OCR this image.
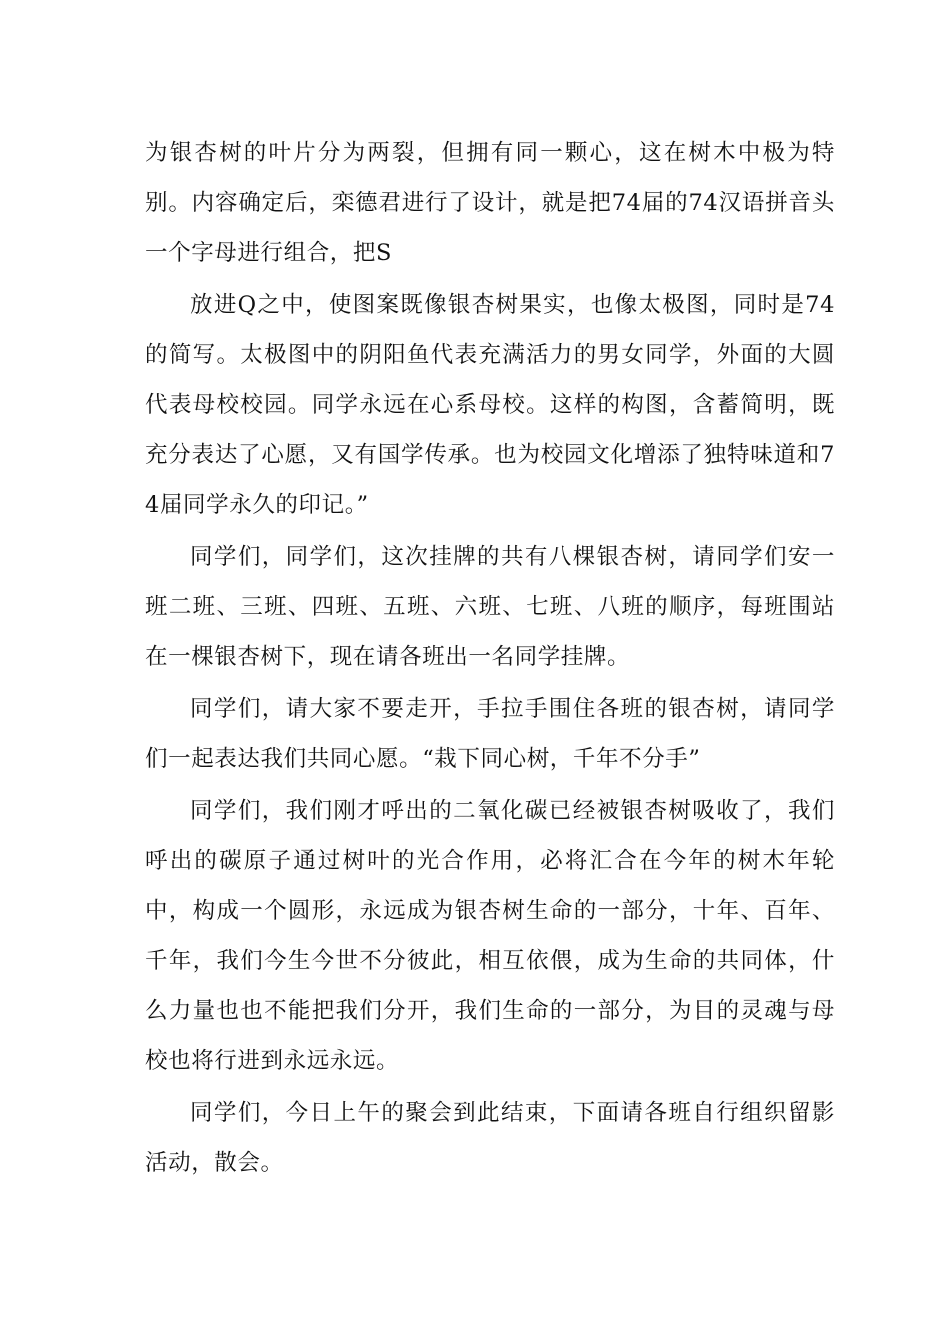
为银杏树的叶片分为两裂，但拥有同一颗心，这在树木中极为特别。内容确定后，栾德君进行了设计，就是把74届的74汉语拼音头一个字母进行组合，把S

放进Q之中，使图案既像银杏树果实，也像太极图，同时是74的简写。太极图中的阴阳鱼代表充满活力的男女同学，外面的大圆代表母校校园。同学永远在心系母校。这样的构图，含蓄简明，既充分表达了心愿，又有国学传承。也为校园文化增添了独特味道和74届同学永久的印记。”

同学们，同学们，这次挂牌的共有八棵银杏树，请同学们安一班二班、三班、四班、五班、六班、七班、八班的顺序，每班围站在一棵银杏树下，现在请各班出一名同学挂牌。

同学们，请大家不要走开，手拉手围住各班的银杏树，请同学们一起表达我们共同心愿。“栽下同心树，千年不分手”

同学们，我们刚才呼出的二氧化碳已经被银杏树吸收了，我们呼出的碳原子通过树叶的光合作用，必将汇合在今年的树木年轮中，构成一个圆形，永远成为银杏树生命的一部分，十年、百年、千年，我们今生今世不分彼此，相互依偎，成为生命的共同体，什么力量也也不能把我们分开，我们生命的一部分，为目的灵魂与母校也将行进到永远永远。

同学们，今日上午的聚会到此结束，下面请各班自行组织留影活动，散会。
